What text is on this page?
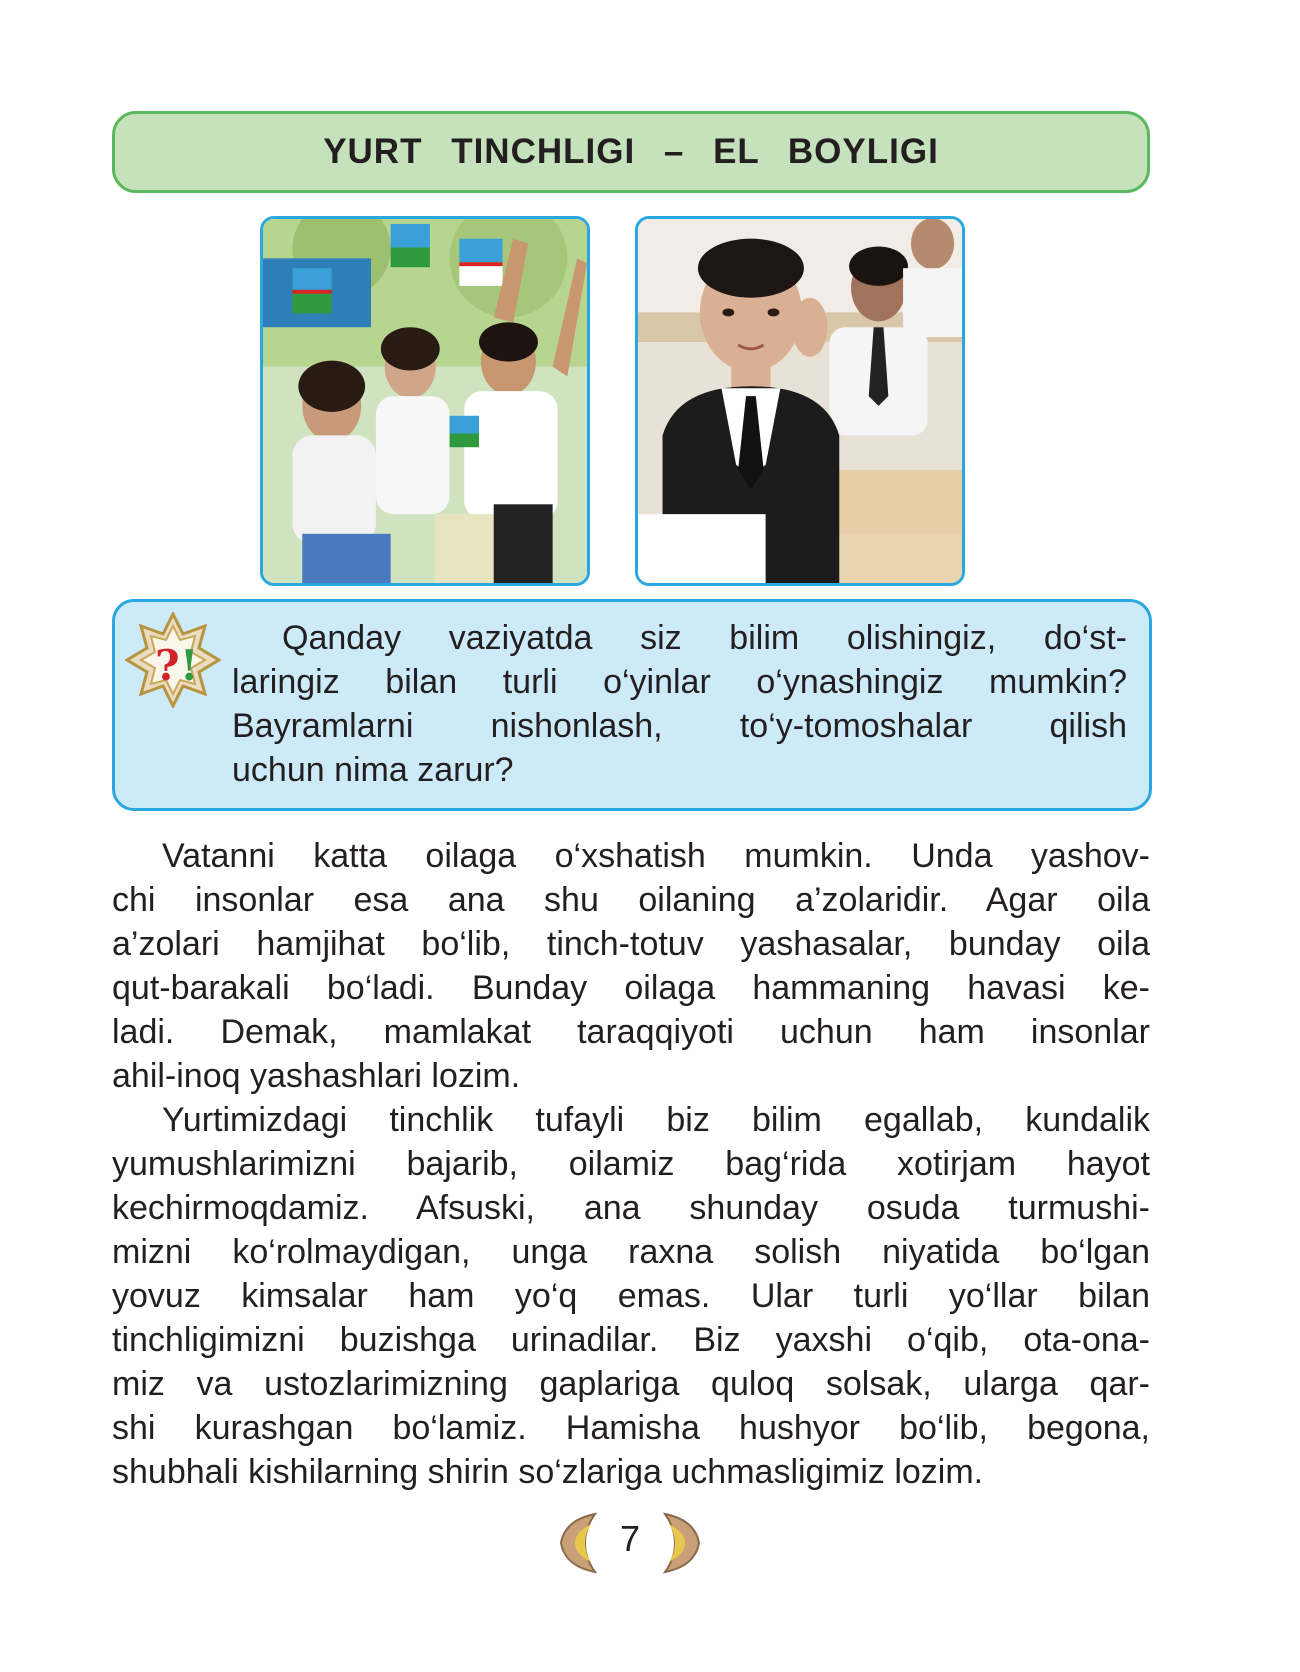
YURT TINCHLIGI – EL BOYLIGI
? !
Qanday vaziyatda siz bilim olishingiz, do‘st-
laringiz bilan turli o‘yinlar o‘ynashingiz mumkin?
Bayramlarni nishonlash, to‘y-tomoshalar qilish
uchun nima zarur?
Vatanni katta oilaga o‘xshatish mumkin. Unda yashov-
chi insonlar esa ana shu oilaning a’zolaridir. Agar oila
a’zolari hamjihat bo‘lib, tinch-totuv yashasalar, bunday oila
qut-barakali bo‘ladi. Bunday oilaga hammaning havasi ke-
ladi. Demak, mamlakat taraqqiyoti uchun ham insonlar
ahil-inoq yashashlari lozim.
Yurtimizdagi tinchlik tufayli biz bilim egallab, kundalik
yumushlarimizni bajarib, oilamiz bag‘rida xotirjam hayot
kechirmoqdamiz. Afsuski, ana shunday osuda turmushi-
mizni ko‘rolmaydigan, unga raxna solish niyatida bo‘lgan
yovuz kimsalar ham yo‘q emas. Ular turli yo‘llar bilan
tinchligimizni buzishga urinadilar. Biz yaxshi o‘qib, ota-ona-
miz va ustozlarimizning gaplariga quloq solsak, ularga qar-
shi kurashgan bo‘lamiz. Hamisha hushyor bo‘lib, begona,
shubhali kishilarning shirin so‘zlariga uchmasligimiz lozim.
7
